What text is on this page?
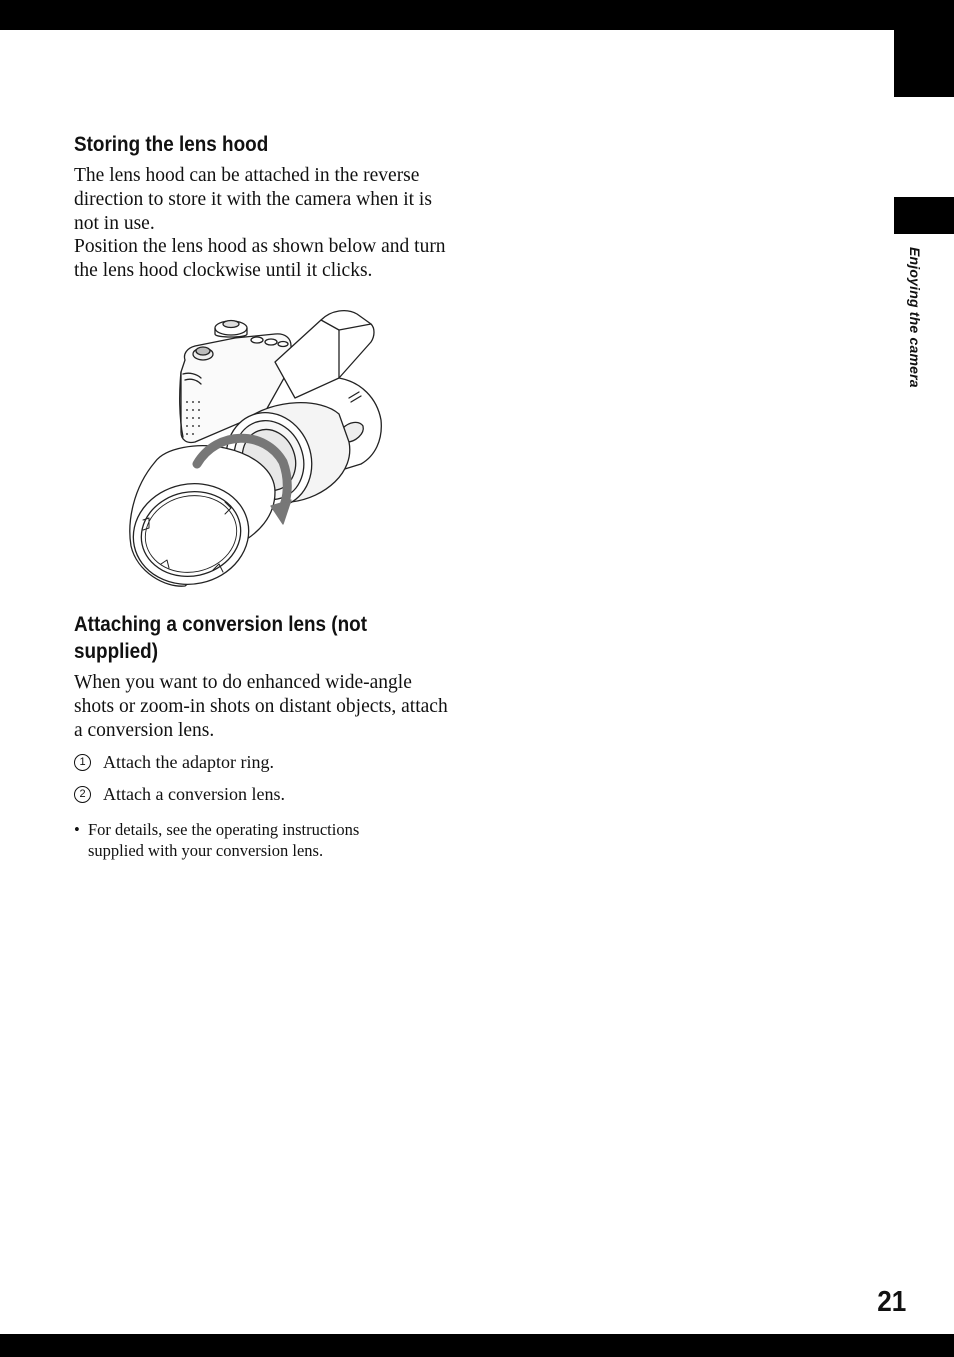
Enjoying the camera
Storing the lens hood

The lens hood can be attached in the reverse direction to store it with the camera when it is not in use.

Position the lens hood as shown below and turn the lens hood clockwise until it clicks.

Attaching a conversion lens (not supplied)

When you want to do enhanced wide-angle shots or zoom-in shots on distant objects, attach a conversion lens.

1 Attach the adaptor ring.
2 Attach a conversion lens.
• For details, see the operating instructions supplied with your conversion lens.
21
